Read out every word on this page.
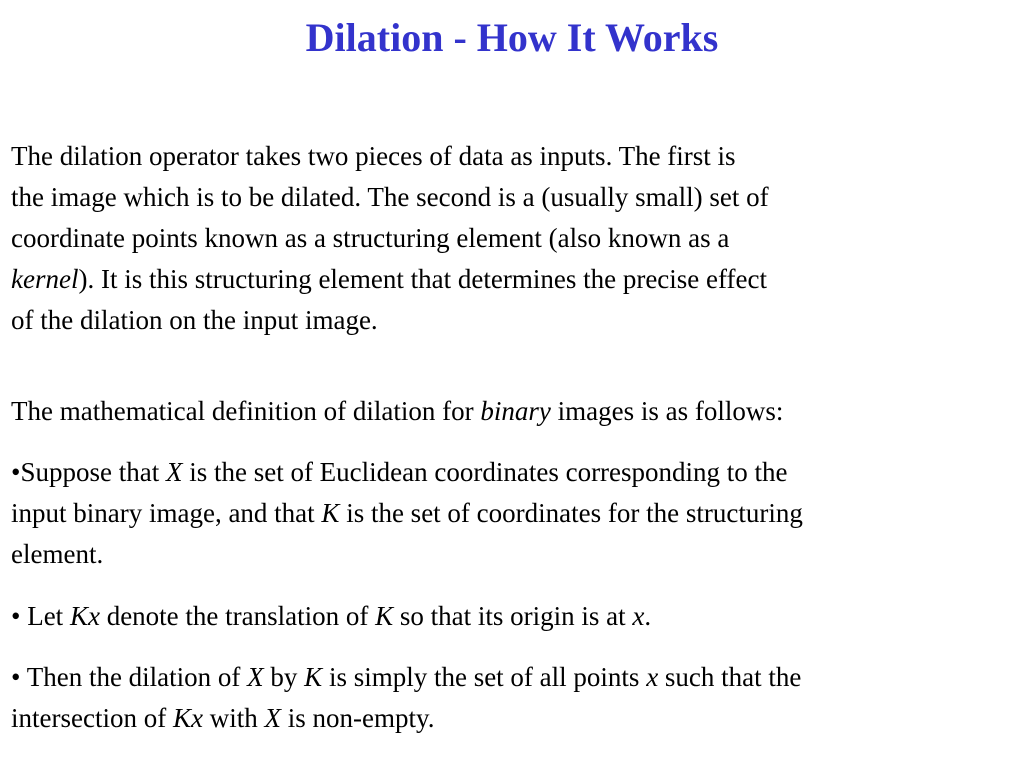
Dilation - How It Works

The dilation operator takes two pieces of data as inputs. The first is
the image which is to be dilated. The second is a (usually small) set of
coordinate points known as a structuring element (also known as a
kernel). It is this structuring element that determines the precise effect
of the dilation on the input image.

The mathematical definition of dilation for binary images is as follows:

•Suppose that X is the set of Euclidean coordinates corresponding to the
input binary image, and that K is the set of coordinates for the structuring
element.

• Let Kx denote the translation of K so that its origin is at x.

• Then the dilation of X by K is simply the set of all points x such that the
intersection of Kx with X is non-empty.
